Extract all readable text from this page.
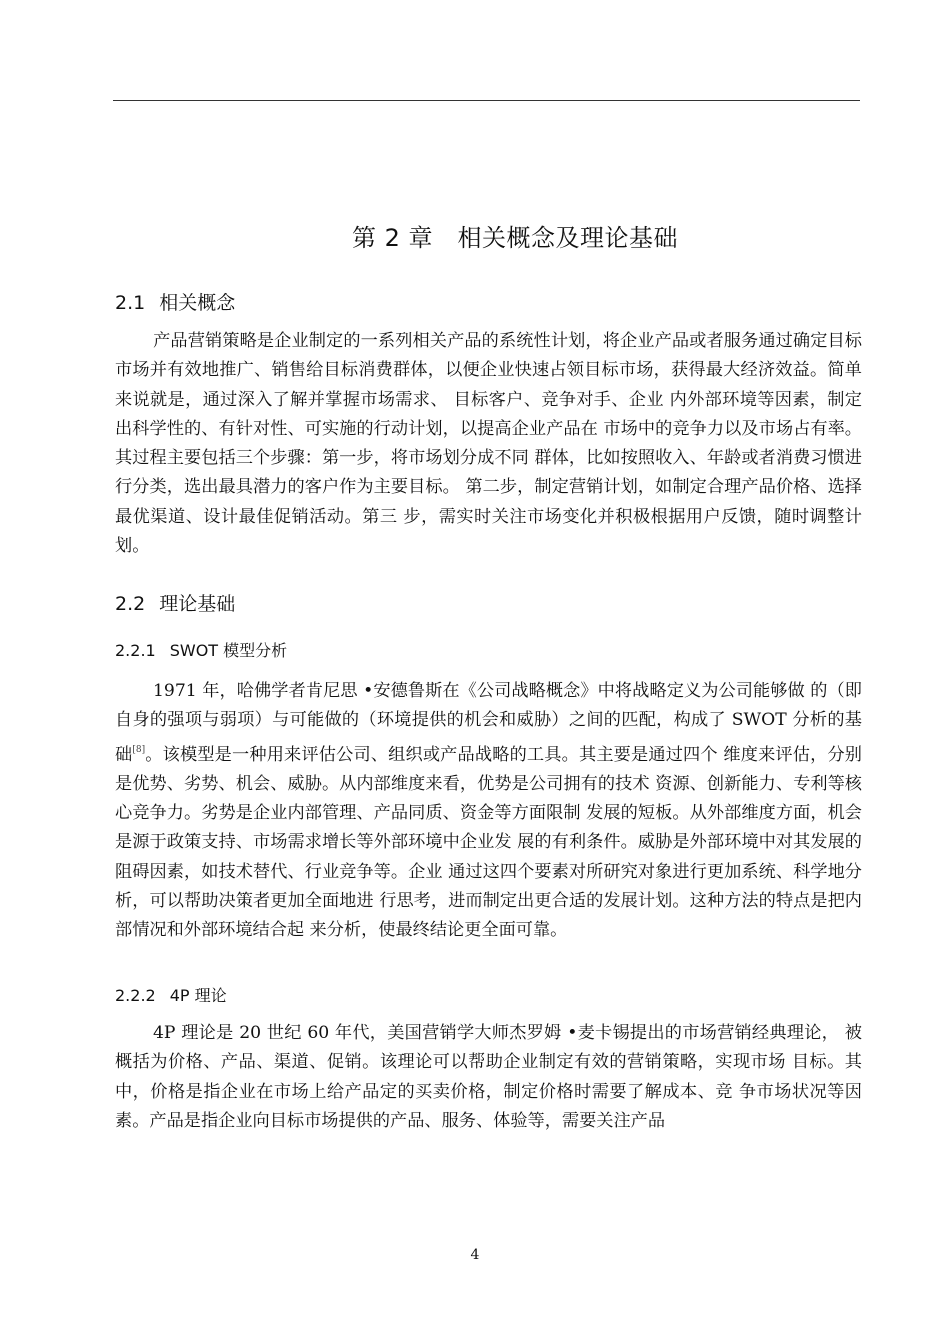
第 2 章　相关概念及理论基础
2.1 相关概念

产品营销策略是企业制定的一系列相关产品的系统性计划，将企业产品或者服务通过确定目标市场并有效地推广、销售给目标消费群体，以便企业快速占领目标市场，获得最大经济效益。简单来说就是，通过深入了解并掌握市场需求、 目标客户、竞争对手、企业 内外部环境等因素，制定出科学性的、有针对性、可实施的行动计划，以提高企业产品在 市场中的竞争力以及市场占有率。其过程主要包括三个步骤：第一步，将市场划分成不同 群体，比如按照收入、年龄或者消费习惯进行分类，选出最具潜力的客户作为主要目标。 第二步，制定营销计划，如制定合理产品价格、选择最优渠道、设计最佳促销活动。第三 步，需实时关注市场变化并积极根据用户反馈，随时调整计划。

2.2 理论基础
2.2.1 SWOT 模型分析

1971 年，哈佛学者肯尼思 •安德鲁斯在《公司战略概念》中将战略定义为公司能够做 的（即自身的强项与弱项）与可能做的（环境提供的机会和威胁）之间的匹配，构成了 SWOT 分析的基础[8]。该模型是一种用来评估公司、组织或产品战略的工具。其主要是通过四个 维度来评估，分别是优势、劣势、机会、威胁。从内部维度来看，优势是公司拥有的技术 资源、创新能力、专利等核心竞争力。劣势是企业内部管理、产品同质、资金等方面限制 发展的短板。从外部维度方面，机会是源于政策支持、市场需求增长等外部环境中企业发 展的有利条件。威胁是外部环境中对其发展的阻碍因素，如技术替代、行业竞争等。企业 通过这四个要素对所研究对象进行更加系统、科学地分析，可以帮助决策者更加全面地进 行思考，进而制定出更合适的发展计划。这种方法的特点是把内部情况和外部环境结合起 来分析，使最终结论更全面可靠。

2.2.2 4P 理论

4P 理论是 20 世纪 60 年代，美国营销学大师杰罗姆 •麦卡锡提出的市场营销经典理论， 被概括为价格、产品、渠道、促销。该理论可以帮助企业制定有效的营销策略，实现市场 目标。其中，价格是指企业在市场上给产品定的买卖价格，制定价格时需要了解成本、竞 争市场状况等因素。产品是指企业向目标市场提供的产品、服务、体验等，需要关注产品

4
